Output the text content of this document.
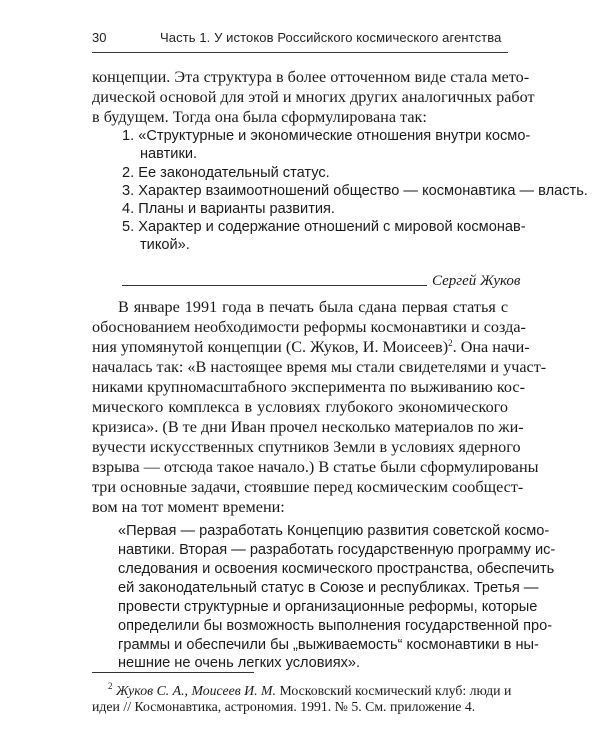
30	Часть 1. У истоков Российского космического агентства
концепции. Эта структура в более отточенном виде стала мето-
дической основой для этой и многих других аналогичных работ
в будущем. Тогда она была сформулирована так:
1. «Структурные и экономические отношения внутри космо-
навтики.
2. Ее законодательный статус.
3. Характер взаимоотношений общество — космонавтика — власть.
4. Планы и варианты развития.
5. Характер и содержание отношений с мировой космонав-
тикой».
Сергей Жуков
В январе 1991 года в печать была сдана первая статья с
обоснованием необходимости реформы космонавтики и созда-
ния упомянутой концепции (С. Жуков, И. Моисеев)$^2$. Она начи-
началась так: «В настоящее время мы стали свидетелями и участ-
никами крупномасштабного эксперимента по выживанию кос-
мического комплекса в условиях глубокого экономического
кризиса». (В те дни Иван прочел несколько материалов по жи-
вучести искусственных спутников Земли в условиях ядерного
взрыва — отсюда такое начало.) В статье были сформулированы
три основные задачи, стоявшие перед космическим сообщест-
вом на тот момент времени:
«Первая — разработать Концепцию развития советской космо-
навтики. Вторая — разработать государственную программу ис-
следования и освоения космического пространства, обеспечить
ей законодательный статус в Союзе и республиках. Третья —
провести структурные и организационные реформы, которые
определили бы возможность выполнения государственной про-
граммы и обеспечили бы „выживаемость“ космонавтики в ны-
нешние не очень легких условиях».
$^2$ Жуков С. А., Моисеев И. М. Московский космический клуб: люди и
идеи // Космонавтика, астрономия. 1991. № 5. См. приложение 4.
